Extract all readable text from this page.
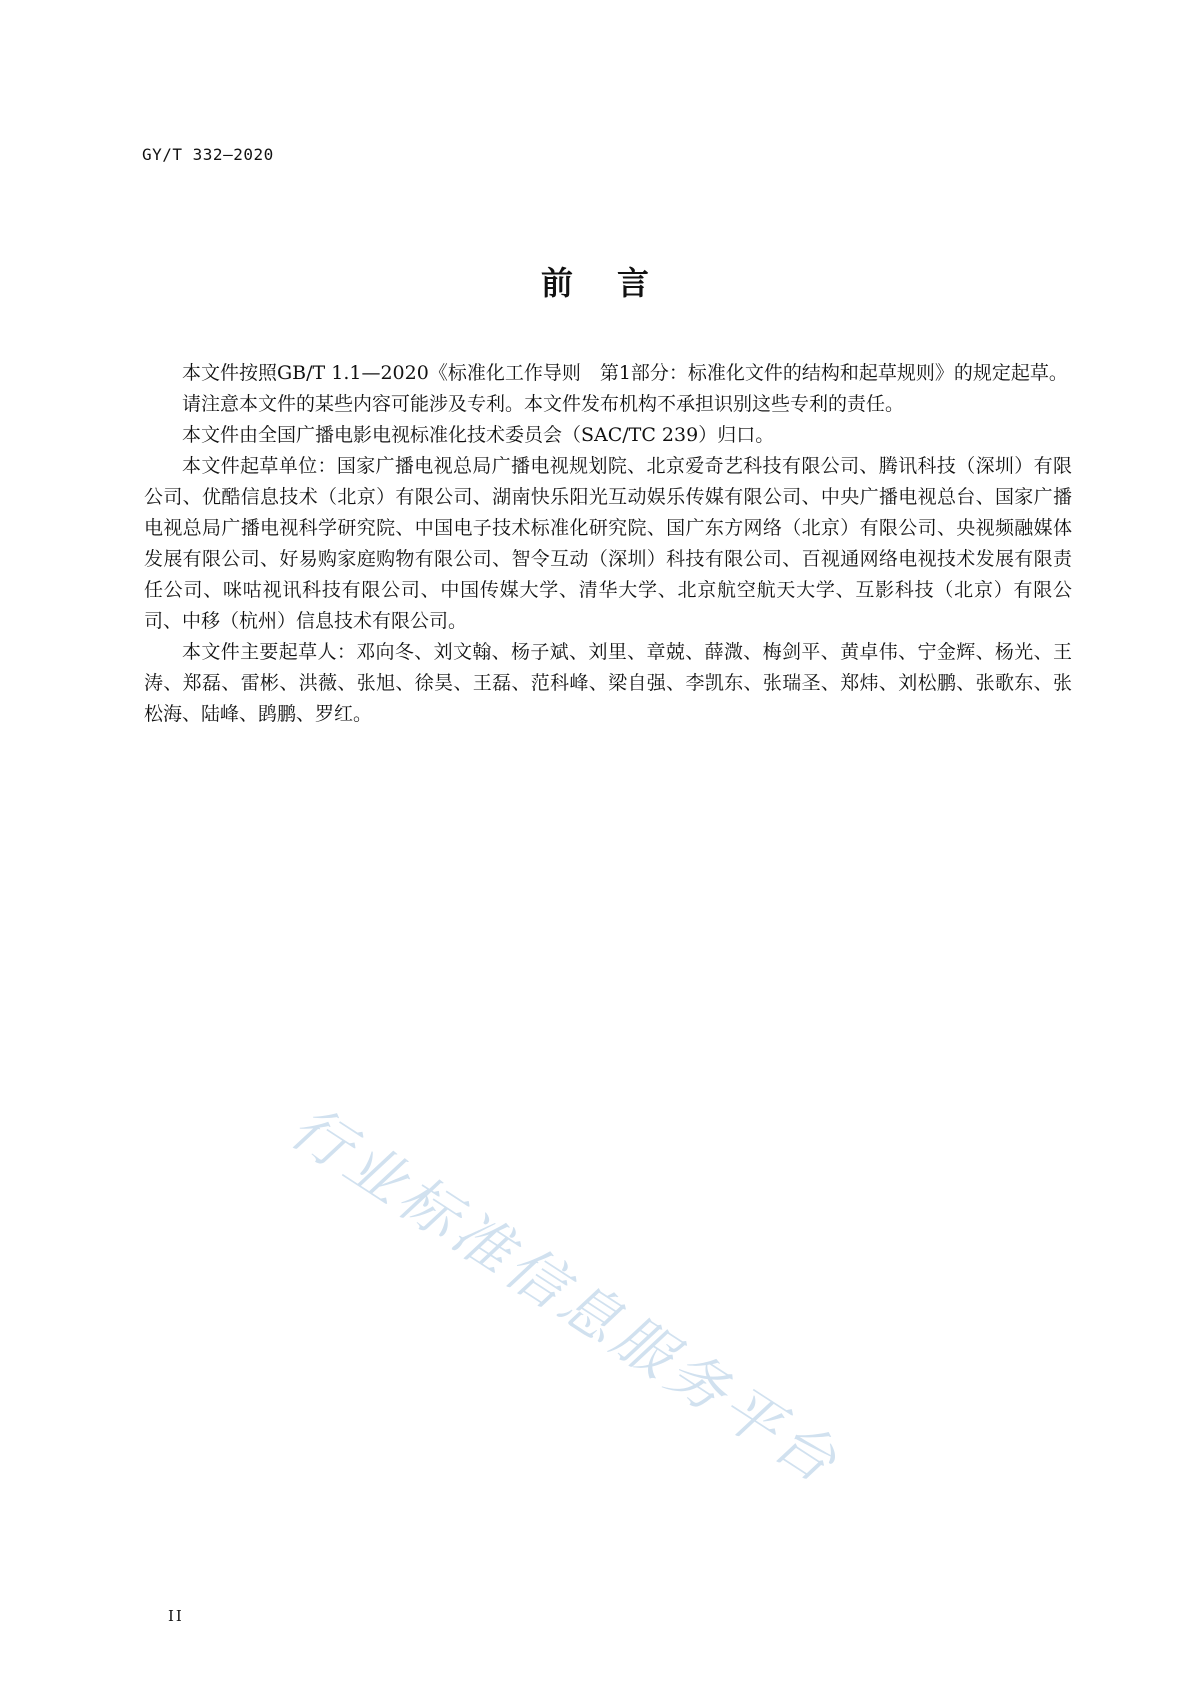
GY/T 332—2020
前言

本文件按照GB/T 1.1—2020《标准化工作导则　第1部分：标准化文件的结构和起草规则》的规定起草。

请注意本文件的某些内容可能涉及专利。本文件发布机构不承担识别这些专利的责任。

本文件由全国广播电影电视标准化技术委员会（SAC/TC 239）归口。

本文件起草单位：国家广播电视总局广播电视规划院、北京爱奇艺科技有限公司、腾讯科技（深圳）有限公司、优酷信息技术（北京）有限公司、湖南快乐阳光互动娱乐传媒有限公司、中央广播电视总台、国家广播电视总局广播电视科学研究院、中国电子技术标准化研究院、国广东方网络（北京）有限公司、央视频融媒体发展有限公司、好易购家庭购物有限公司、智令互动（深圳）科技有限公司、百视通网络电视技术发展有限责任公司、咪咕视讯科技有限公司、中国传媒大学、清华大学、北京航空航天大学、互影科技（北京）有限公司、中移（杭州）信息技术有限公司。

本文件主要起草人：邓向冬、刘文翰、杨子斌、刘里、章兢、薛溦、梅剑平、黄卓伟、宁金辉、杨光、王涛、郑磊、雷彬、洪薇、张旭、徐昊、王磊、范科峰、梁自强、李凯东、张瑞圣、郑炜、刘松鹏、张歌东、张松海、陆峰、鹍鹏、罗红。

行业标准信息服务平台
II
